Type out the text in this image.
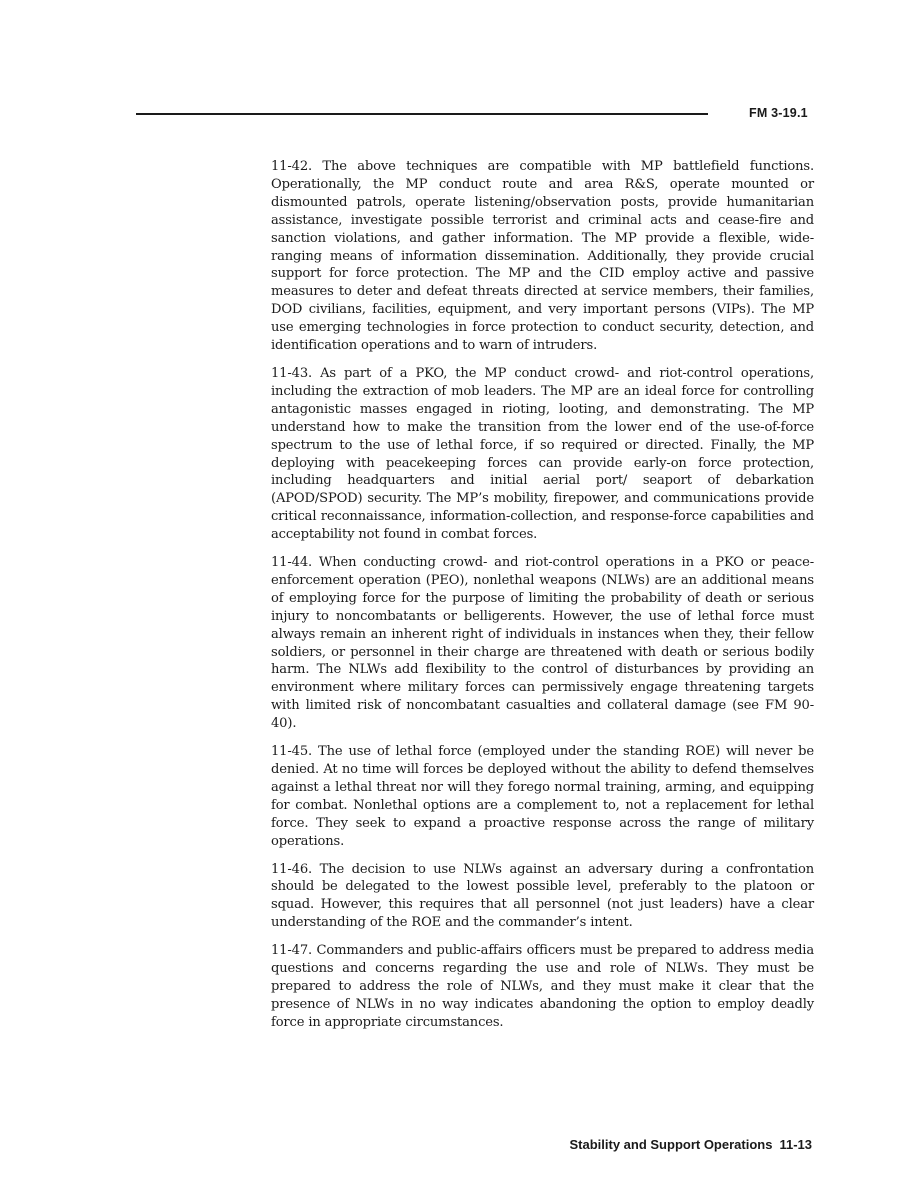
FM 3-19.1

11-42. The above techniques are compatible with MP battlefield functions. Operationally, the MP conduct route and area R&S, operate mounted or dismounted patrols, operate listening/observation posts, provide humanitarian assistance, investigate possible terrorist and criminal acts and cease-fire and sanction violations, and gather information. The MP provide a flexible, wide-ranging means of information dissemination. Additionally, they provide crucial support for force protection. The MP and the CID employ active and passive measures to deter and defeat threats directed at service members, their families, DOD civilians, facilities, equipment, and very important persons (VIPs). The MP use emerging technologies in force protection to conduct security, detection, and identification operations and to warn of intruders.

11-43. As part of a PKO, the MP conduct crowd- and riot-control operations, including the extraction of mob leaders. The MP are an ideal force for controlling antagonistic masses engaged in rioting, looting, and demonstrating. The MP understand how to make the transition from the lower end of the use-of-force spectrum to the use of lethal force, if so required or directed. Finally, the MP deploying with peacekeeping forces can provide early-on force protection, including headquarters and initial aerial port/ seaport of debarkation (APOD/SPOD) security. The MP’s mobility, firepower, and communications provide critical reconnaissance, information-collection, and response-force capabilities and acceptability not found in combat forces.

11-44. When conducting crowd- and riot-control operations in a PKO or peace-enforcement operation (PEO), nonlethal weapons (NLWs) are an additional means of employing force for the purpose of limiting the probability of death or serious injury to noncombatants or belligerents. However, the use of lethal force must always remain an inherent right of individuals in instances when they, their fellow soldiers, or personnel in their charge are threatened with death or serious bodily harm. The NLWs add flexibility to the control of disturbances by providing an environment where military forces can permissively engage threatening targets with limited risk of noncombatant casualties and collateral damage (see FM 90-40).

11-45. The use of lethal force (employed under the standing ROE) will never be denied. At no time will forces be deployed without the ability to defend themselves against a lethal threat nor will they forego normal training, arming, and equipping for combat. Nonlethal options are a complement to, not a replacement for lethal force. They seek to expand a proactive response across the range of military operations.

11-46. The decision to use NLWs against an adversary during a confrontation should be delegated to the lowest possible level, preferably to the platoon or squad. However, this requires that all personnel (not just leaders) have a clear understanding of the ROE and the commander’s intent.

11-47. Commanders and public-affairs officers must be prepared to address media questions and concerns regarding the use and role of NLWs. They must be prepared to address the role of NLWs, and they must make it clear that the presence of NLWs in no way indicates abandoning the option to employ deadly force in appropriate circumstances.

Stability and Support Operations 11-13
